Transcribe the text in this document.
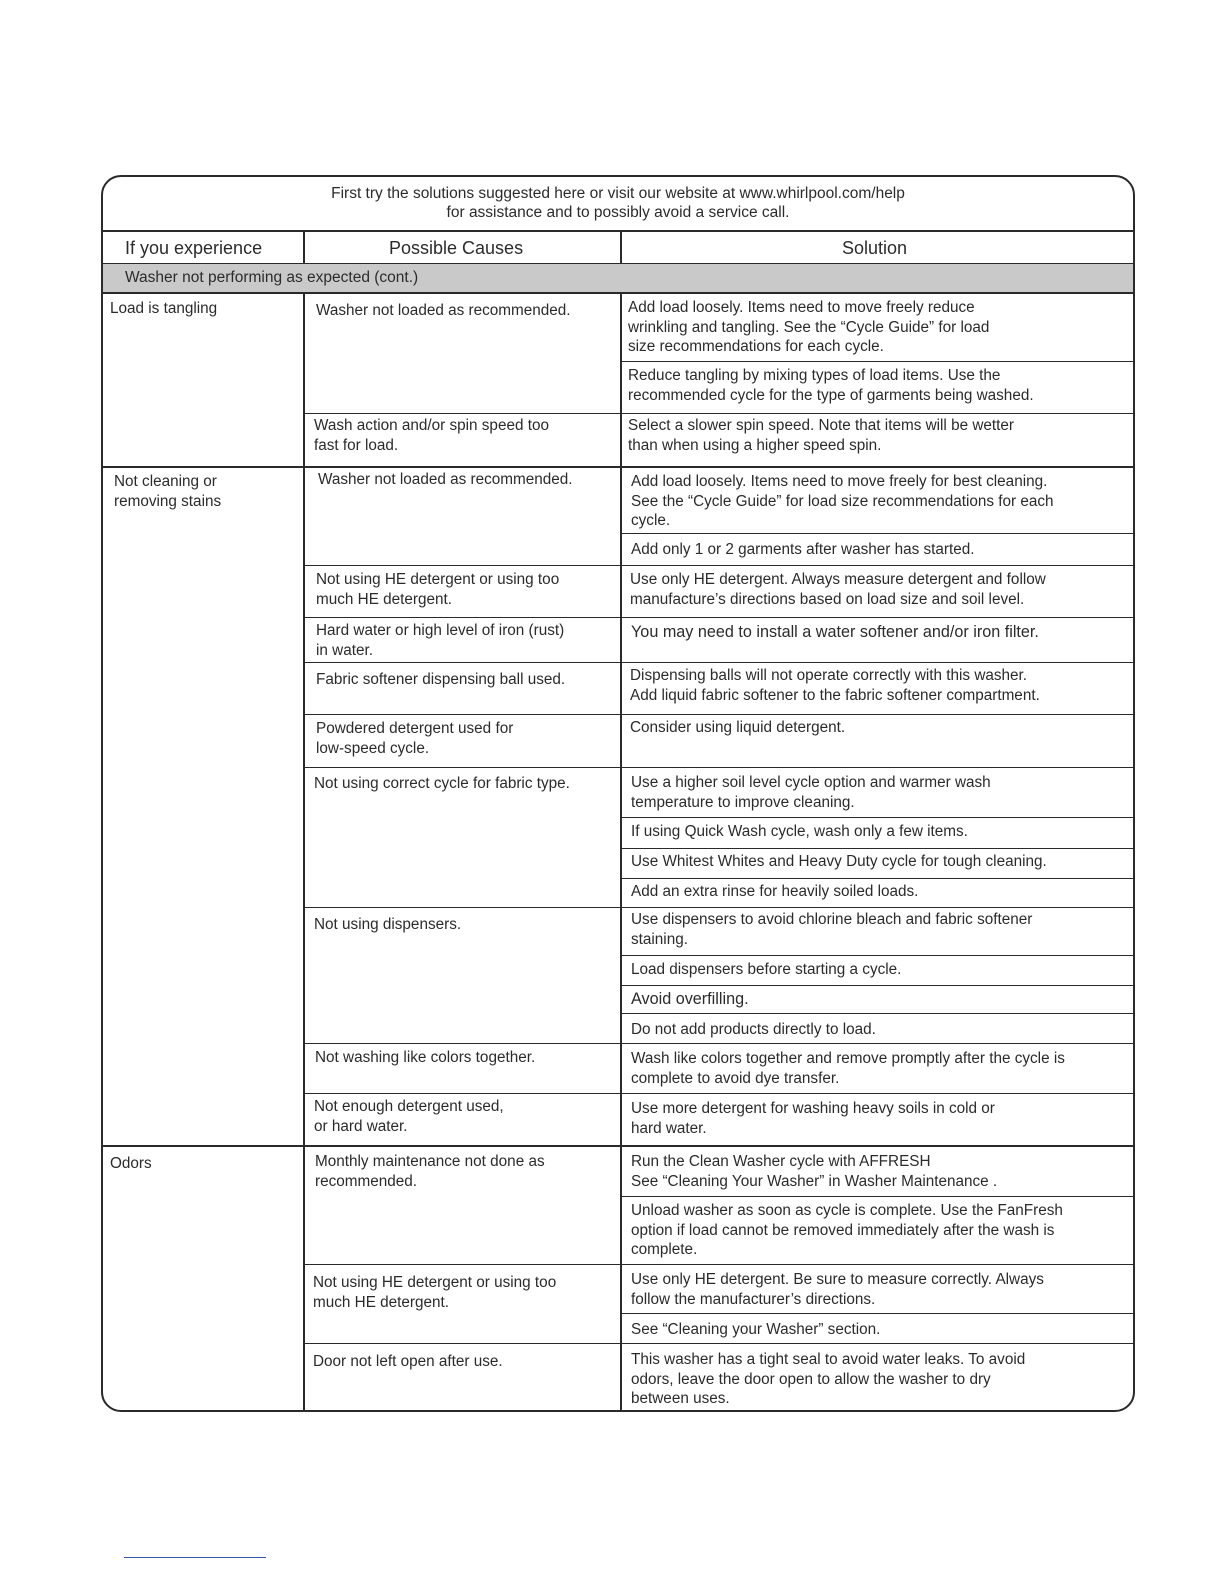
First try the solutions suggested here or visit our website at www.whirlpool.com/help
for assistance and to possibly avoid a service call.
If you experience	Possible Causes	Solution
Washer not performing as expected (cont.)
Load is tangling
Not cleaning or
removing stains
Odors
Washer not loaded as recommended.
Wash action and/or spin speed too
fast for load.
Washer not loaded as recommended.
Not using HE detergent or using too
much HE detergent.
Hard water or high level of iron (rust)
in water.
Fabric softener dispensing ball used.
Powdered detergent used for
low-speed cycle.
Not using correct cycle for fabric type.
Not using dispensers.
Not washing like colors together.
Not enough detergent used,
or hard water.
Monthly maintenance not done as
recommended.
Not using HE detergent or using too
much HE detergent.
Door not left open after use.
Add load loosely. Items need to move freely reduce
wrinkling and tangling. See the “Cycle Guide” for load
size recommendations for each cycle.
Reduce tangling by mixing types of load items. Use the
recommended cycle for the type of garments being washed.
Select a slower spin speed. Note that items will be wetter
than when using a higher speed spin.
Add load loosely. Items need to move freely for best cleaning.
See the “Cycle Guide” for load size recommendations for each
cycle.
Add only 1 or 2 garments after washer has started.
Use only HE detergent. Always measure detergent and follow
manufacture’s directions based on load size and soil level.
You may need to install a water softener and/or iron filter.
Dispensing balls will not operate correctly with this washer.
Add liquid fabric softener to the fabric softener compartment.
Consider using liquid detergent.
Use a higher soil level cycle option and warmer wash
temperature to improve cleaning.
If using Quick Wash cycle, wash only a few items.
Use Whitest Whites and Heavy Duty cycle for tough cleaning.
Add an extra rinse for heavily soiled loads.
Use dispensers to avoid chlorine bleach and fabric softener
staining.
Load dispensers before starting a cycle.
Avoid overfilling.
Do not add products directly to load.
Wash like colors together and remove promptly after the cycle is
complete to avoid dye transfer.
Use more detergent for washing heavy soils in cold or
hard water.
Run the Clean Washer cycle with AFFRESH
See “Cleaning Your Washer” in Washer Maintenance .
Unload washer as soon as cycle is complete. Use the FanFresh
option if load cannot be removed immediately after the wash is
complete.
Use only HE detergent. Be sure to measure correctly. Always
follow the manufacturer’s directions.
See “Cleaning your Washer” section.
This washer has a tight seal to avoid water leaks. To avoid
odors, leave the door open to allow the washer to dry
between uses.
